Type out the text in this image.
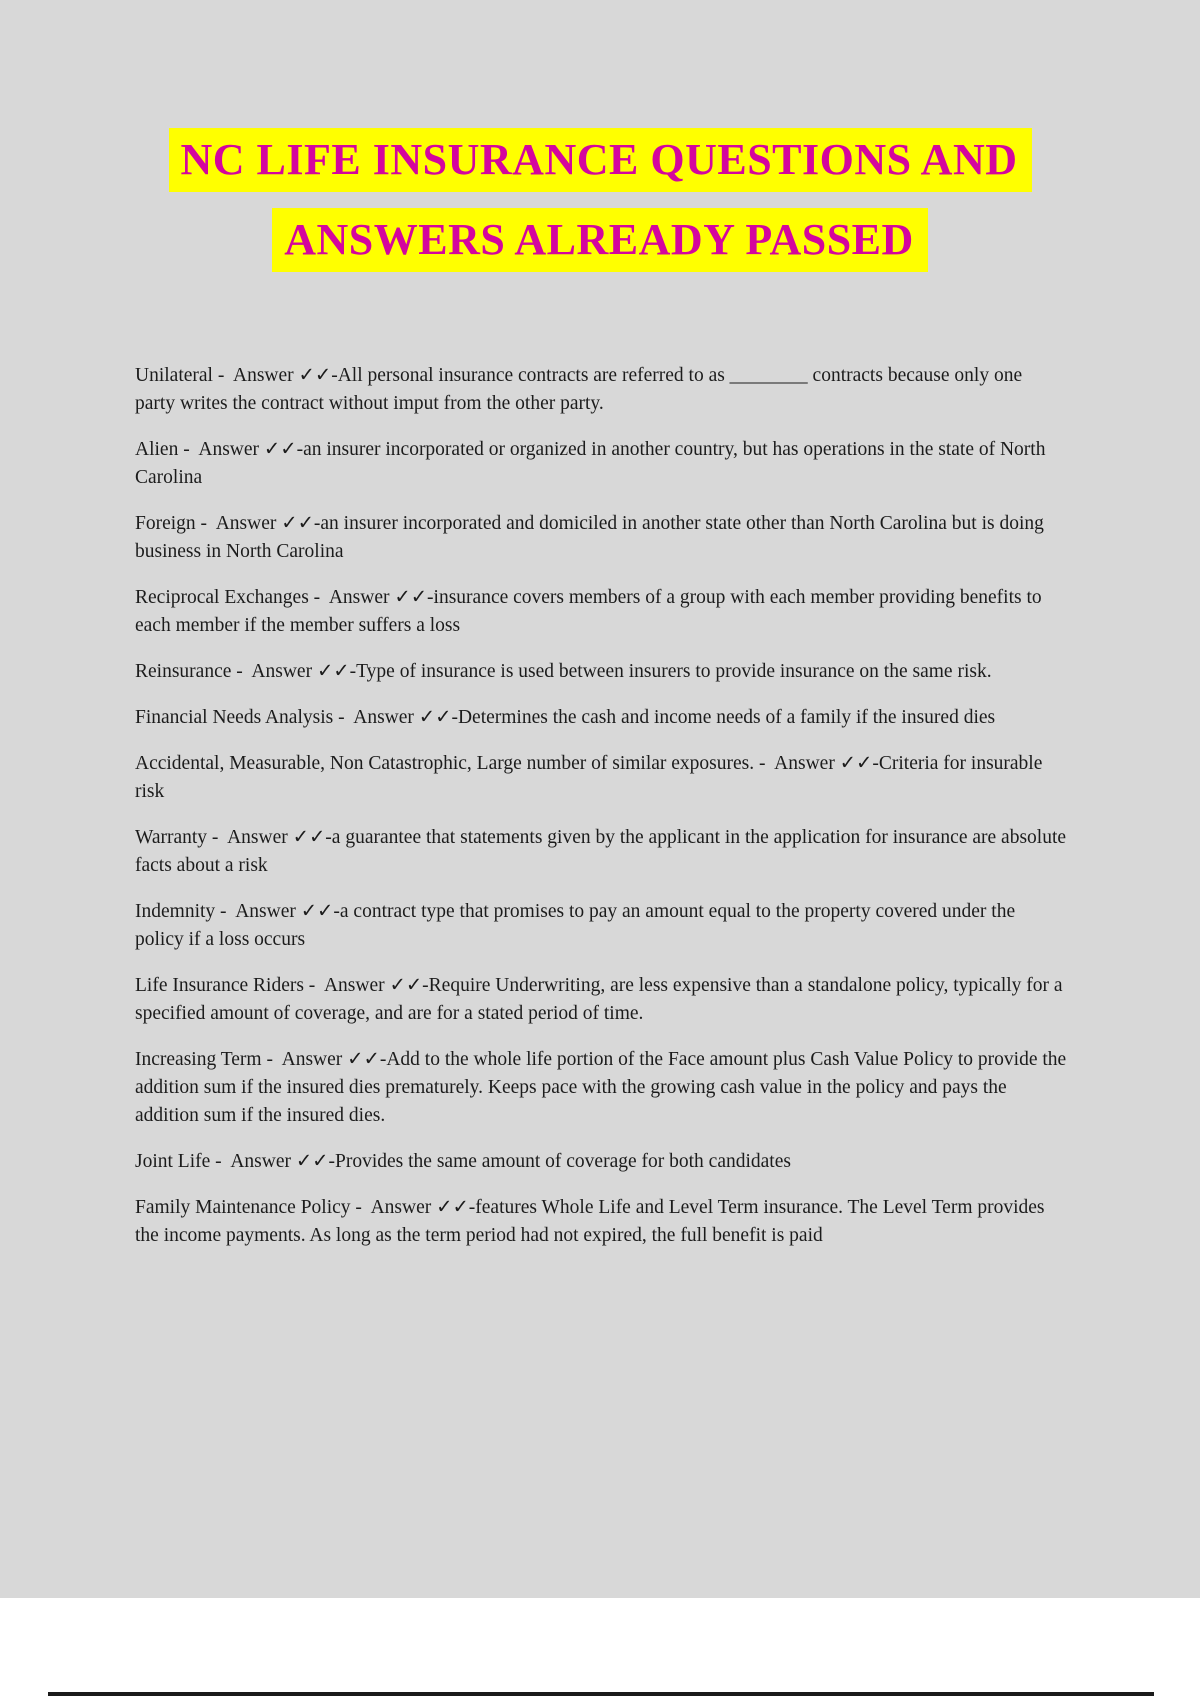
NC LIFE INSURANCE QUESTIONS AND
ANSWERS ALREADY PASSED

Unilateral -  Answer ✓✓-All personal insurance contracts are referred to as ________ contracts because only one party writes the contract without imput from the other party.

Alien -  Answer ✓✓-an insurer incorporated or organized in another country, but has operations in the state of North Carolina

Foreign -  Answer ✓✓-an insurer incorporated and domiciled in another state other than North Carolina but is doing business in North Carolina

Reciprocal Exchanges -  Answer ✓✓-insurance covers members of a group with each member providing benefits to each member if the member suffers a loss

Reinsurance -  Answer ✓✓-Type of insurance is used between insurers to provide insurance on the same risk.

Financial Needs Analysis -  Answer ✓✓-Determines the cash and income needs of a family if the insured dies

Accidental, Measurable, Non Catastrophic, Large number of similar exposures. -  Answer ✓✓-Criteria for insurable risk

Warranty -  Answer ✓✓-a guarantee that statements given by the applicant in the application for insurance are absolute facts about a risk

Indemnity -  Answer ✓✓-a contract type that promises to pay an amount equal to the property covered under the policy if a loss occurs

Life Insurance Riders -  Answer ✓✓-Require Underwriting, are less expensive than a standalone policy, typically for a specified amount of coverage, and are for a stated period of time.

Increasing Term -  Answer ✓✓-Add to the whole life portion of the Face amount plus Cash Value Policy to provide the addition sum if the insured dies prematurely. Keeps pace with the growing cash value in the policy and pays the addition sum if the insured dies.

Joint Life -  Answer ✓✓-Provides the same amount of coverage for both candidates

Family Maintenance Policy -  Answer ✓✓-features Whole Life and Level Term insurance. The Level Term provides the income payments. As long as the term period had not expired, the full benefit is paid
